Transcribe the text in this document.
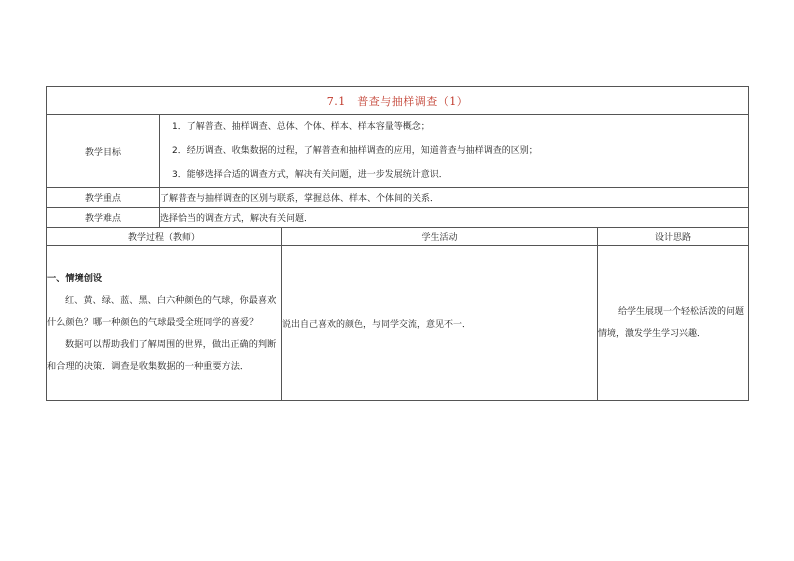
7.1　普查与抽样调查（1）			
教学目标	1．了解普查、抽样调查、总体、个体、样本、样本容量等概念；
2．经历调查、收集数据的过程，了解普查和抽样调查的应用，知道普查与抽样调查的区别；
3．能够选择合适的调查方式，解决有关问题，进一步发展统计意识．		

教学重点	了解普查与抽样调查的区别与联系，掌握总体、样本、个体间的关系．		
教学难点	选择恰当的调查方式，解决有关问题．		
教学过程（教师）		学生活动	设计思路

一、情境创设
红、黄、绿、蓝、黑、白六种颜色的气球，你最喜欢什么颜色？哪一种颜色的气球最受全班同学的喜爱？
数据可以帮助我们了解周围的世界，做出正确的判断和合理的决策．调查是收集数据的一种重要方法．		说出自己喜欢的颜色，与同学交流，意见不一．	给学生展现一个轻松活泼的问题情境，激发学生学习兴趣．
